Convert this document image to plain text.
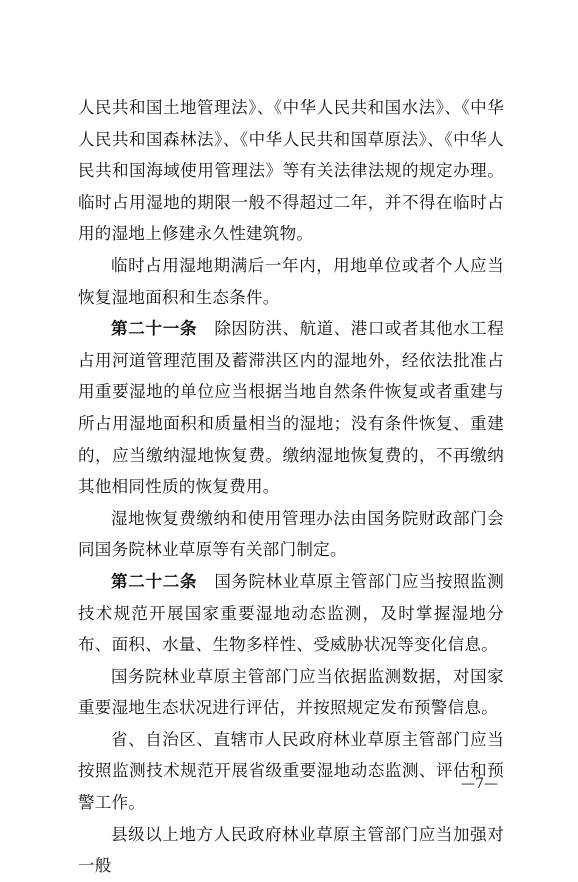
人民共和国土地管理法》、《中华人民共和国水法》、《中华人民共和国森林法》、《中华人民共和国草原法》、《中华人民共和国海域使用管理法》等有关法律法规的规定办理。临时占用湿地的期限一般不得超过二年，并不得在临时占用的湿地上修建永久性建筑物。

临时占用湿地期满后一年内，用地单位或者个人应当恢复湿地面积和生态条件。

第二十一条　除因防洪、航道、港口或者其他水工程占用河道管理范围及蓄滞洪区内的湿地外，经依法批准占用重要湿地的单位应当根据当地自然条件恢复或者重建与所占用湿地面积和质量相当的湿地；没有条件恢复、重建的，应当缴纳湿地恢复费。缴纳湿地恢复费的，不再缴纳其他相同性质的恢复费用。

湿地恢复费缴纳和使用管理办法由国务院财政部门会同国务院林业草原等有关部门制定。

第二十二条　国务院林业草原主管部门应当按照监测技术规范开展国家重要湿地动态监测，及时掌握湿地分布、面积、水量、生物多样性、受威胁状况等变化信息。

国务院林业草原主管部门应当依据监测数据，对国家重要湿地生态状况进行评估，并按照规定发布预警信息。

省、自治区、直辖市人民政府林业草原主管部门应当按照监测技术规范开展省级重要湿地动态监测、评估和预警工作。

县级以上地方人民政府林业草原主管部门应当加强对一般

—7—
